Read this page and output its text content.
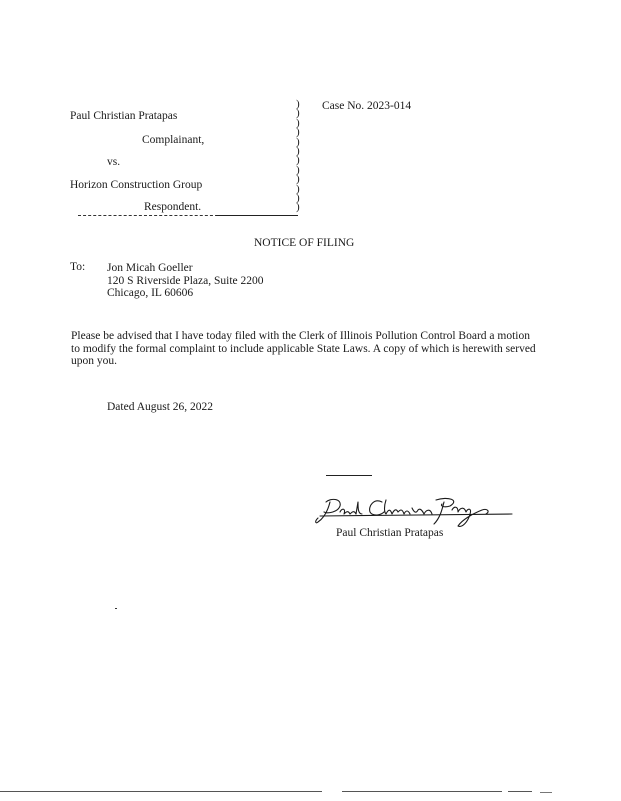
Paul Christian Pratapas
Complainant,
vs.
Horizon Construction Group
Respondent.
)
)
)
)
)
)
)
)
)
)
)
)
Case No. 2023-014
NOTICE OF FILING
To: Jon Micah Goeller
120 S Riverside Plaza, Suite 2200
Chicago, IL 60606
Please be advised that I have today filed with the Clerk of Illinois Pollution Control Board a motion to modify the formal complaint to include applicable State Laws. A copy of which is herewith served upon you.
Dated August 26, 2022
Paul Christian Pratapas
